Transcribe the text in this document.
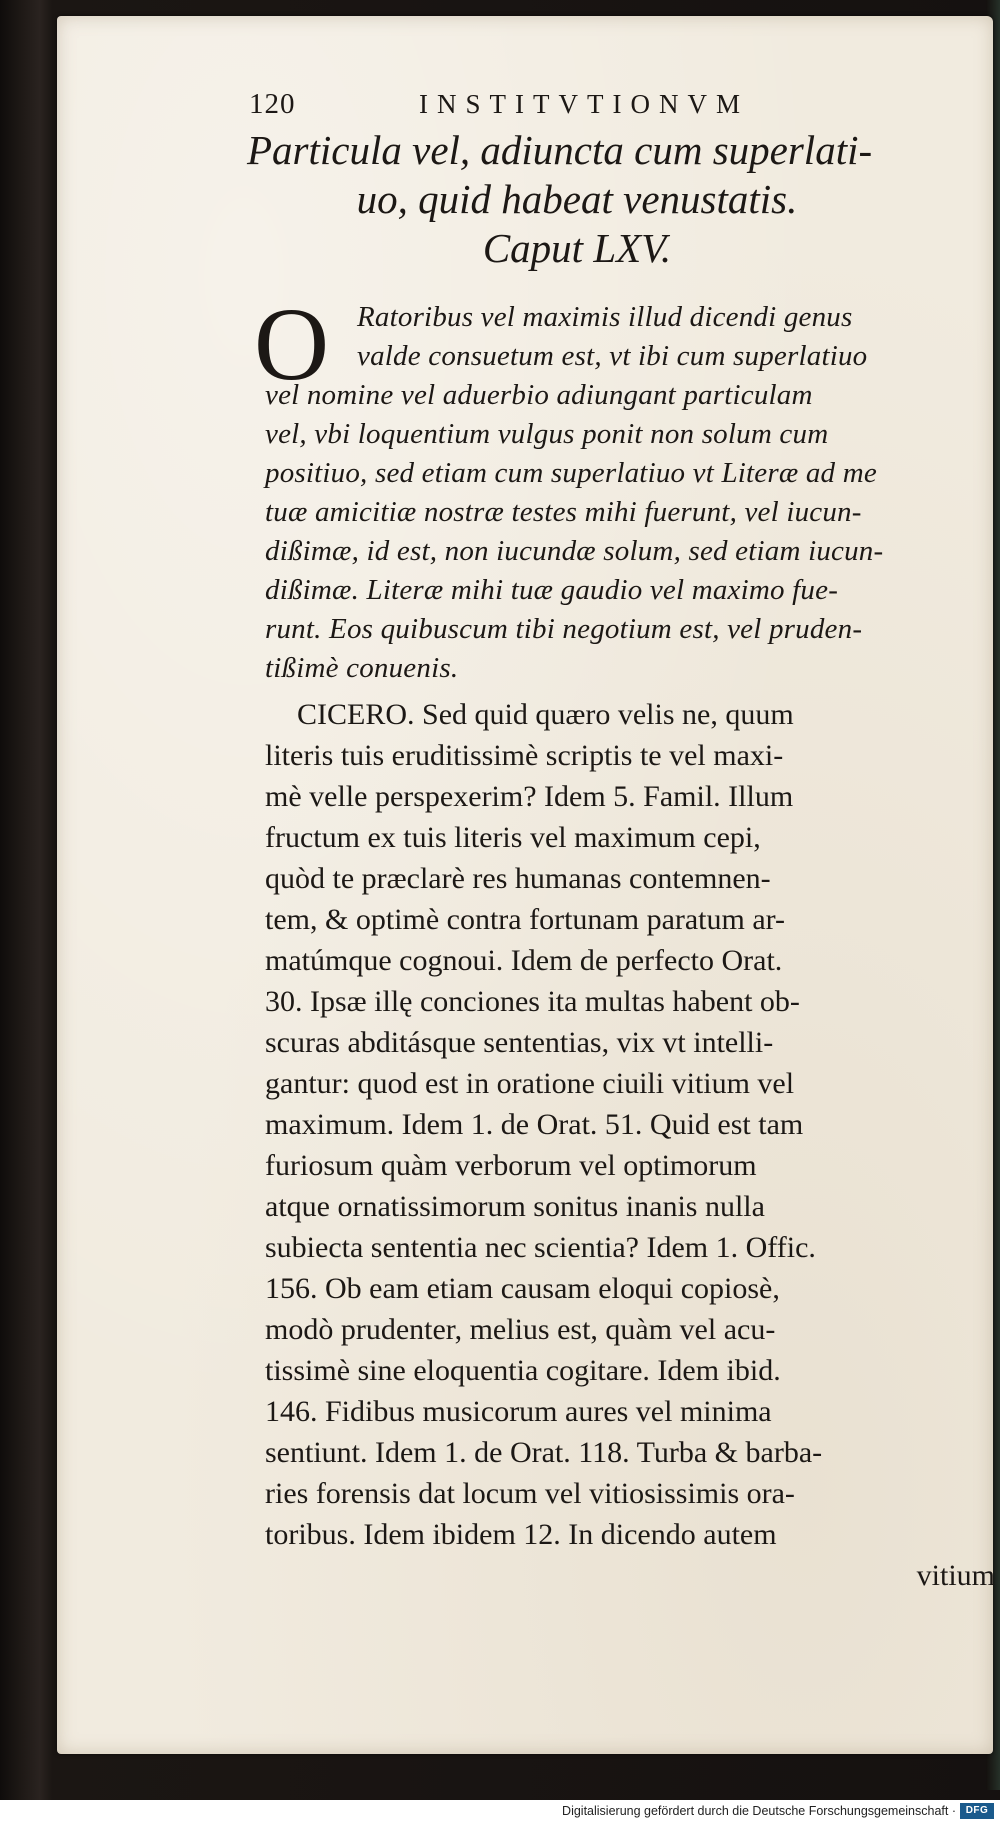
120	INSTITVTIONVM
Particula vel, adiuncta cum superlati-
uo, quid habeat venustatis.
Caput LXV.
O Ratoribus vel maximis illud dicendi genus
valde consuetum est, vt ibi cum superlatiuo
vel nomine vel aduerbio adiungant particulam
vel, vbi loquentium vulgus ponit non solum cum
positiuo, sed etiam cum superlatiuo vt Literæ ad me
tuæ amicitiæ nostræ testes mihi fuerunt, vel iucun-
dißimæ, id est, non iucundæ solum, sed etiam iucun-
dißimæ. Literæ mihi tuæ gaudio vel maximo fue-
runt. Eos quibuscum tibi negotium est, vel pruden-
tißimè conuenis.
CICERO. Sed quid quæro velis ne, quum
literis tuis eruditissimè scriptis te vel maxi-
mè velle perspexerim? Idem 5. Famil. Illum
fructum ex tuis literis vel maximum cepi,
quòd te præclarè res humanas contemnen-
tem, & optimè contra fortunam paratum ar-
matúmque cognoui. Idem de perfecto Orat.
30. Ipsæ illę conciones ita multas habent ob-
scuras abditásque sententias, vix vt intelli-
gantur: quod est in oratione ciuili vitium vel
maximum. Idem 1. de Orat. 51. Quid est tam
furiosum quàm verborum vel optimorum
atque ornatissimorum sonitus inanis nulla
subiecta sententia nec scientia? Idem 1. Offic.
156. Ob eam etiam causam eloqui copiosè,
modò prudenter, melius est, quàm vel acu-
tissimè sine eloquentia cogitare. Idem ibid.
146. Fidibus musicorum aures vel minima
sentiunt. Idem 1. de Orat. 118. Turba & barba-
ries forensis dat locum vel vitiosissimis ora-
toribus. Idem ibidem 12. In dicendo autem
vitium
Digitalisierung gefördert durch die Deutsche Forschungsgemeinschaft · DFG
